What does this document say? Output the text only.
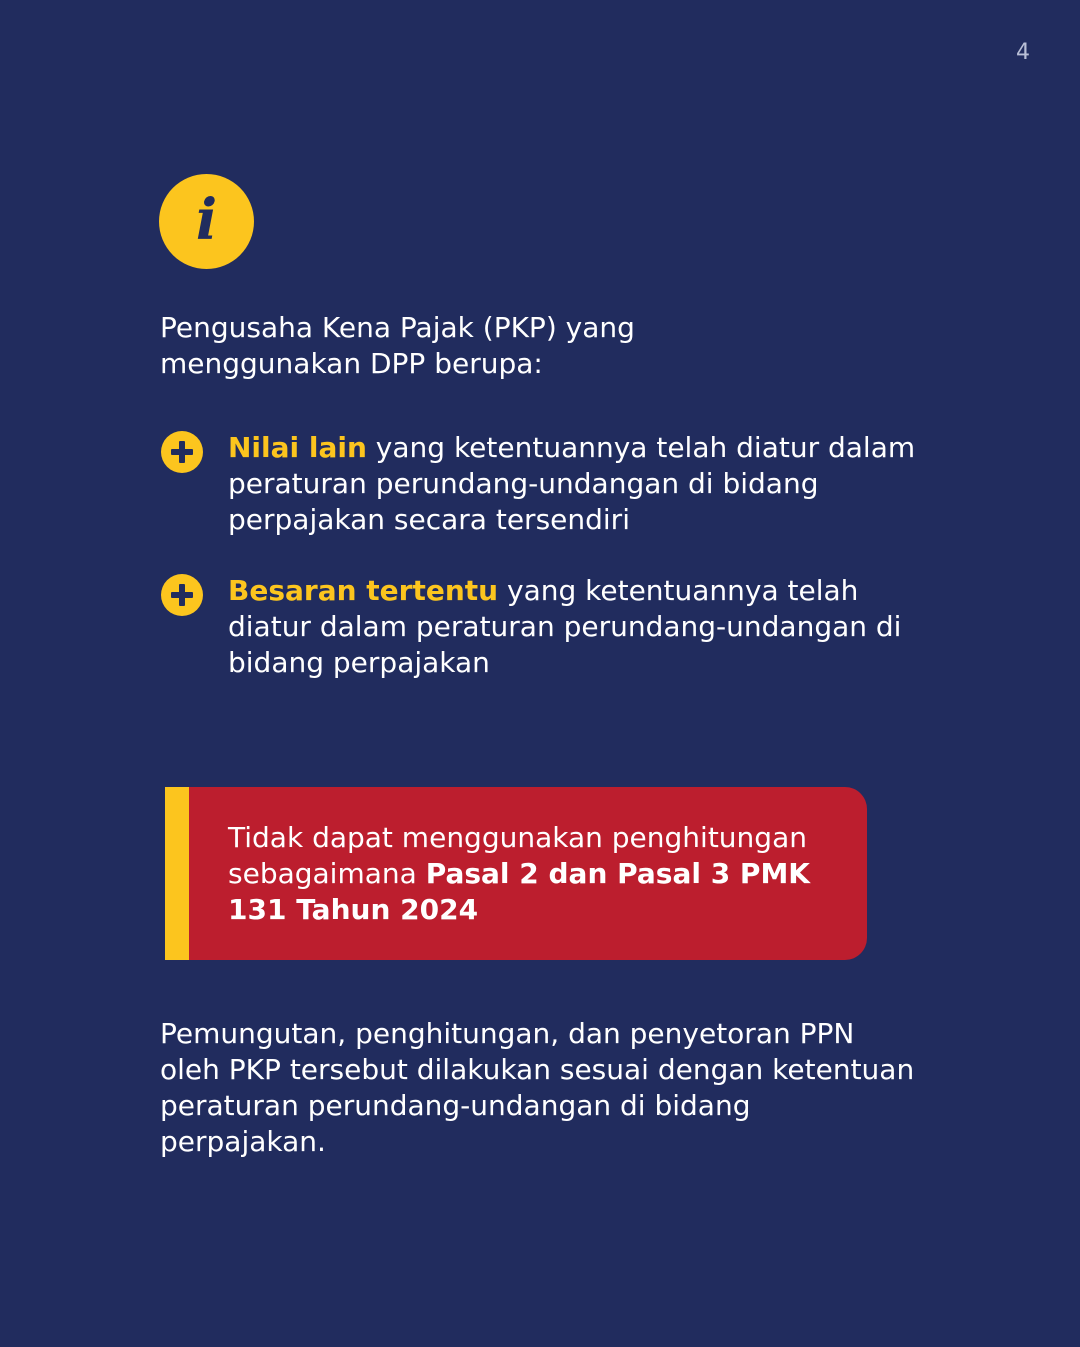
4
i

Pengusaha Kena Pajak (PKP) yang
menggunakan DPP berupa:

Nilai lain yang ketentuannya telah diatur dalam peraturan perundang-undangan di bidang perpajakan secara tersendiri

Besaran tertentu yang ketentuannya telah diatur dalam peraturan perundang-undangan di bidang perpajakan

Tidak dapat menggunakan penghitungan sebagaimana Pasal 2 dan Pasal 3 PMK 131 Tahun 2024

Pemungutan, penghitungan, dan penyetoran PPN oleh PKP tersebut dilakukan sesuai dengan ketentuan peraturan perundang-undangan di bidang perpajakan.
